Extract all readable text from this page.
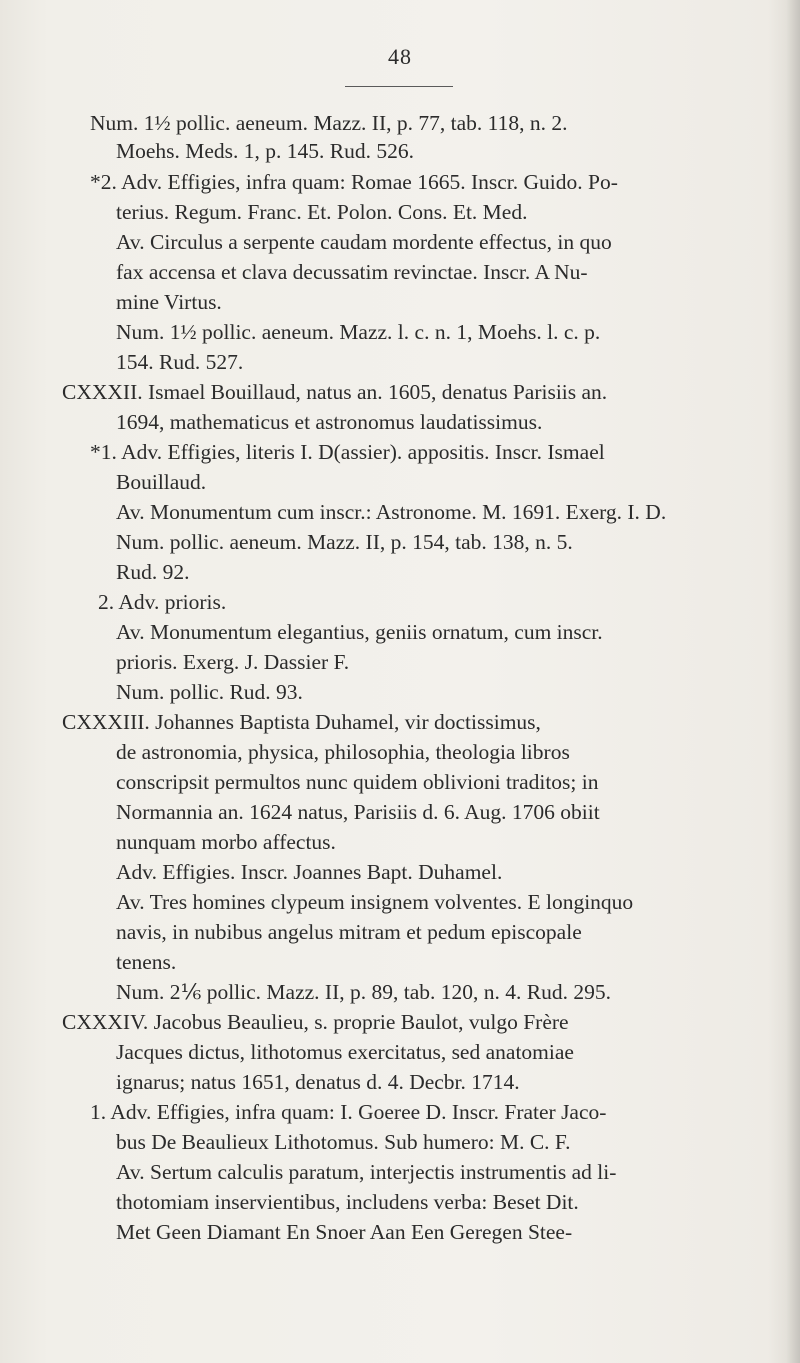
48
Num. 1½ pollic. aeneum. Mazz. II, p. 77, tab. 118, n. 2.
Moehs. Meds. 1, p. 145. Rud. 526.
*2. Adv. Effigies, infra quam: Romae 1665. Inscr. Guido. Po-
terius. Regum. Franc. Et. Polon. Cons. Et. Med.
Av. Circulus a serpente caudam mordente effectus, in quo
fax accensa et clava decussatim revinctae. Inscr. A Nu-
mine Virtus.
Num. 1½ pollic. aeneum. Mazz. l. c. n. 1, Moehs. l. c. p.
154. Rud. 527.
CXXXII. Ismael Bouillaud, natus an. 1605, denatus Parisiis an.
1694, mathematicus et astronomus laudatissimus.
*1. Adv. Effigies, literis I. D(assier). appositis. Inscr. Ismael
Bouillaud.
Av. Monumentum cum inscr.: Astronome. M. 1691. Exerg. I. D.
Num. pollic. aeneum. Mazz. II, p. 154, tab. 138, n. 5.
Rud. 92.
2. Adv. prioris.
Av. Monumentum elegantius, geniis ornatum, cum inscr.
prioris. Exerg. J. Dassier F.
Num. pollic. Rud. 93.
CXXXIII. Johannes Baptista Duhamel, vir doctissimus,
de astronomia, physica, philosophia, theologia libros
conscripsit permultos nunc quidem oblivioni traditos; in
Normannia an. 1624 natus, Parisiis d. 6. Aug. 1706 obiit
nunquam morbo affectus.
Adv. Effigies. Inscr. Joannes Bapt. Duhamel.
Av. Tres homines clypeum insignem volventes. E longinquo
navis, in nubibus angelus mitram et pedum episcopale
tenens.
Num. 2⅙ pollic. Mazz. II, p. 89, tab. 120, n. 4. Rud. 295.
CXXXIV. Jacobus Beaulieu, s. proprie Baulot, vulgo Frère
Jacques dictus, lithotomus exercitatus, sed anatomiae
ignarus; natus 1651, denatus d. 4. Decbr. 1714.
1. Adv. Effigies, infra quam: I. Goeree D. Inscr. Frater Jaco-
bus De Beaulieux Lithotomus. Sub humero: M. C. F.
Av. Sertum calculis paratum, interjectis instrumentis ad li-
thotomiam inservientibus, includens verba: Beset Dit.
Met Geen Diamant En Snoer Aan Een Geregen Stee-
